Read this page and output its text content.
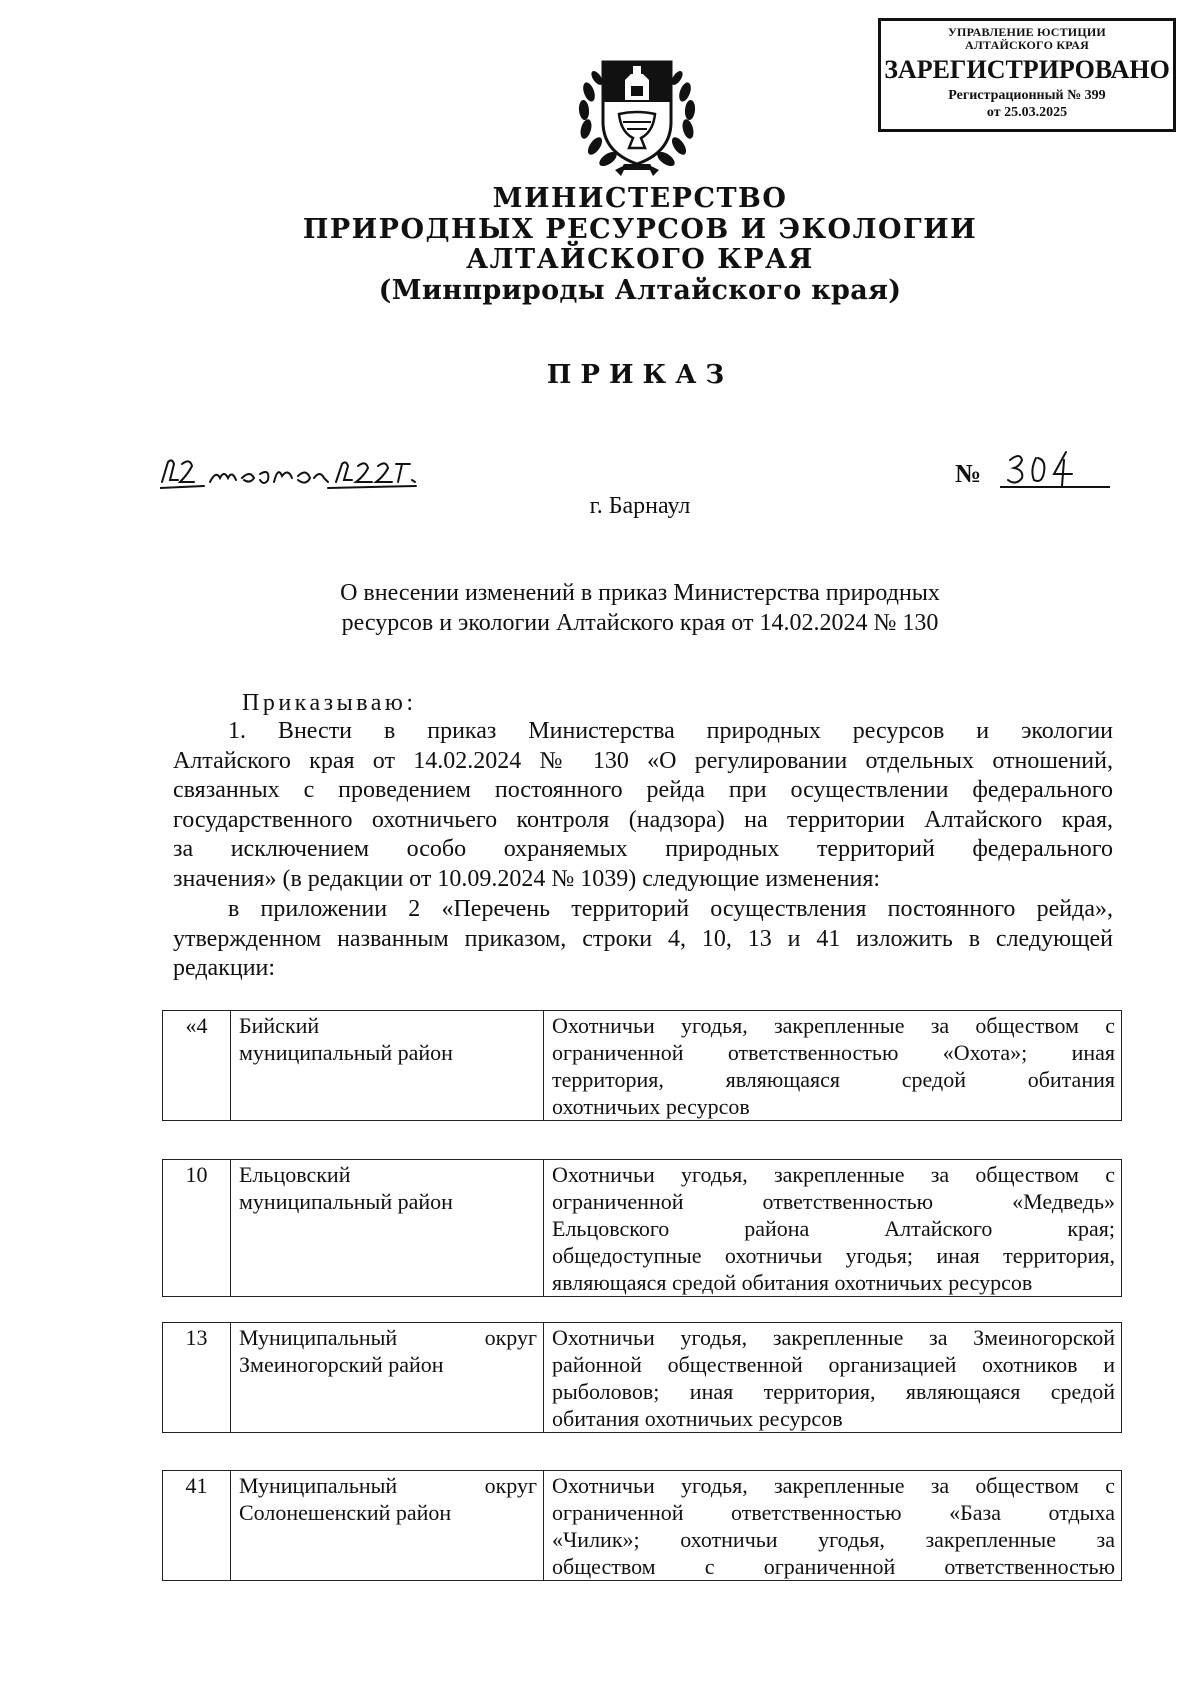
УПРАВЛЕНИЕ ЮСТИЦИИ
АЛТАЙСКОГО КРАЯ
ЗАРЕГИСТРИРОВАНО
Регистрационный № 399
от 25.03.2025
МИНИСТЕРСТВО
ПРИРОДНЫХ РЕСУРСОВ И ЭКОЛОГИИ
АЛТАЙСКОГО КРАЯ
(Минприроды Алтайского края)
ПРИКАЗ
№
г. Барнаул
О внесении изменений в приказ Министерства природных
ресурсов и экологии Алтайского края от 14.02.2024 № 130
Приказываю:
1. Внести в приказ Министерства природных ресурсов и экологии
Алтайского края от 14.02.2024 № 130 «О регулировании отдельных отношений,
связанных с проведением постоянного рейда при осуществлении федерального
государственного охотничьего контроля (надзора) на территории Алтайского края,
за исключением особо охраняемых природных территорий федерального
значения» (в редакции от 10.09.2024 № 1039) следующие изменения:
в приложении 2 «Перечень территорий осуществления постоянного рейда»,
утвержденном названным приказом, строки 4, 10, 13 и 41 изложить в следующей
редакции:
«4	Бийский
муниципальный район

Охотничьи угодья, закрепленные за обществом с
ограниченной ответственностью «Охота»; иная
территория, являющаяся средой обитания
охотничьих ресурсов
10	Ельцовский
муниципальный район

Охотничьи угодья, закрепленные за обществом с
ограниченной ответственностью «Медведь»
Ельцовского района Алтайского края;
общедоступные охотничьи угодья; иная территория,
являющаяся средой обитания охотничьих ресурсов
13	Муниципальный округ
Змеиногорский район

Охотничьи угодья, закрепленные за Змеиногорской
районной общественной организацией охотников и
рыболовов; иная территория, являющаяся средой
обитания охотничьих ресурсов
41	Муниципальный округ
Солонешенский район

Охотничьи угодья, закрепленные за обществом с
ограниченной ответственностью «База отдыха
«Чилик»; охотничьи угодья, закрепленные за
обществом с ограниченной ответственностью
